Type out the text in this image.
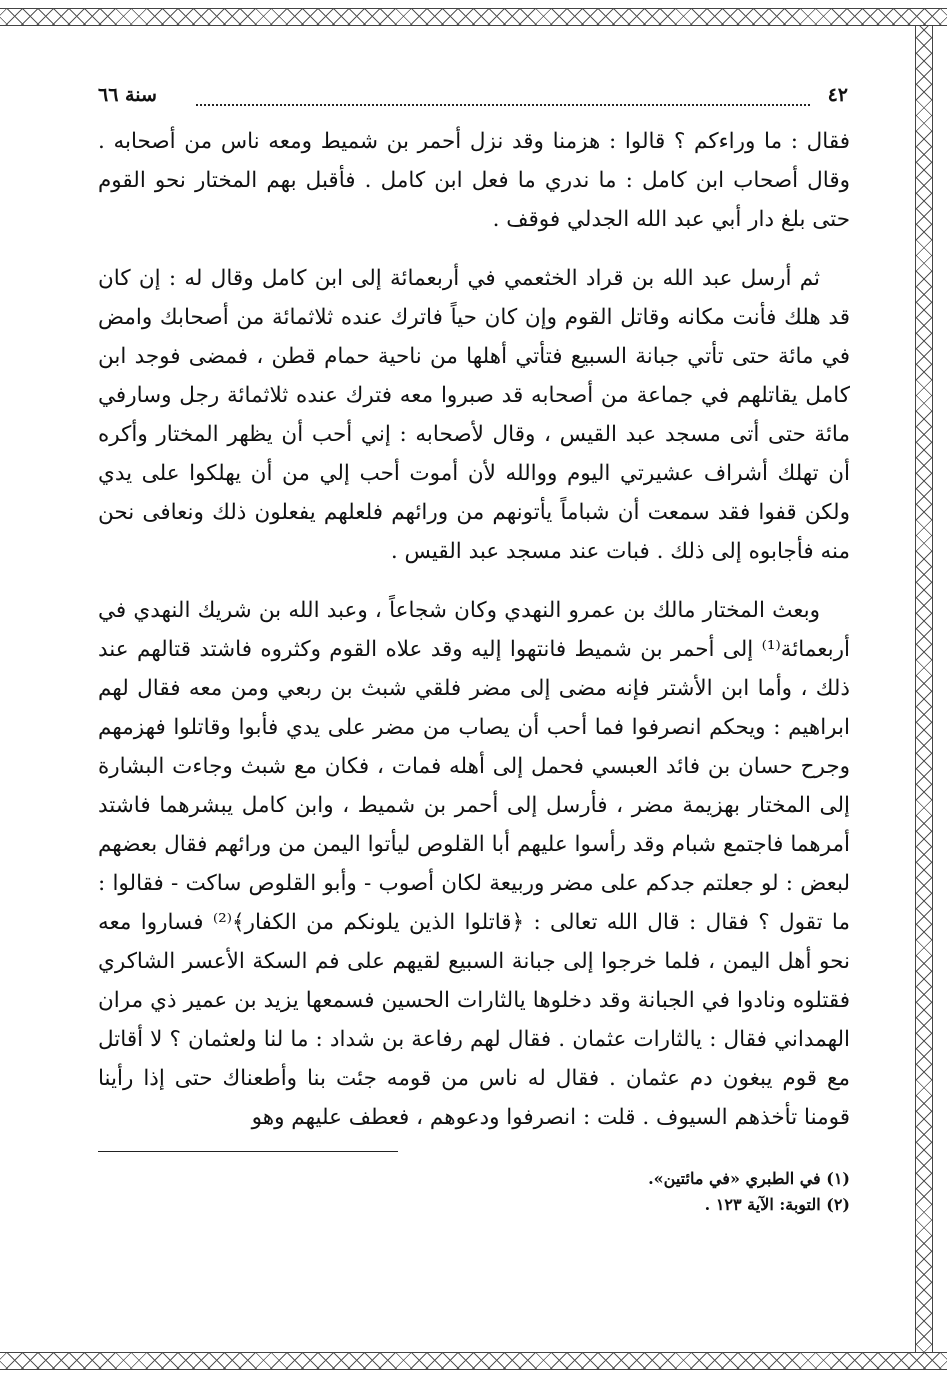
٤٢
سنة ٦٦

فقال : ما وراءكم ؟ قالوا : هزمنا وقد نزل أحمر بن شميط ومعه ناس من أصحابه . وقال أصحاب ابن كامل : ما ندري ما فعل ابن كامل . فأقبل بهم المختار نحو القوم حتى بلغ دار أبي عبد الله الجدلي فوقف .

ثم أرسل عبد الله بن قراد الخثعمي في أربعمائة إلى ابن كامل وقال له : إن كان قد هلك فأنت مكانه وقاتل القوم وإن كان حياً فاترك عنده ثلاثمائة من أصحابك وامض في مائة حتى تأتي جبانة السبيع فتأتي أهلها من ناحية حمام قطن ، فمضى فوجد ابن كامل يقاتلهم في جماعة من أصحابه قد صبروا معه فترك عنده ثلاثمائة رجل وسارفي مائة حتى أتى مسجد عبد القيس ، وقال لأصحابه : إني أحب أن يظهر المختار وأكره أن تهلك أشراف عشيرتي اليوم ووالله لأن أموت أحب إلي من أن يهلكوا على يدي ولكن قفوا فقد سمعت أن شباماً يأتونهم من ورائهم فلعلهم يفعلون ذلك ونعافى نحن منه فأجابوه إلى ذلك . فبات عند مسجد عبد القيس .

وبعث المختار مالك بن عمرو النهدي وكان شجاعاً ، وعبد الله بن شريك النهدي في أربعمائة⁽¹⁾ إلى أحمر بن شميط فانتهوا إليه وقد علاه القوم وكثروه فاشتد قتالهم عند ذلك ، وأما ابن الأشتر فإنه مضى إلى مضر فلقي شبث بن ربعي ومن معه فقال لهم ابراهيم : ويحكم انصرفوا فما أحب أن يصاب من مضر على يدي فأبوا وقاتلوا فهزمهم وجرح حسان بن فائد العبسي فحمل إلى أهله فمات ، فكان مع شبث وجاءت البشارة إلى المختار بهزيمة مضر ، فأرسل إلى أحمر بن شميط ، وابن كامل يبشرهما فاشتد أمرهما فاجتمع شبام وقد رأسوا عليهم أبا القلوص ليأتوا اليمن من ورائهم فقال بعضهم لبعض : لو جعلتم جدكم على مضر وربيعة لكان أصوب - وأبو القلوص ساكت - فقالوا : ما تقول ؟ فقال : قال الله تعالى : ﴿قاتلوا الذين يلونكم من الكفار﴾⁽²⁾ فساروا معه نحو أهل اليمن ، فلما خرجوا إلى جبانة السبيع لقيهم على فم السكة الأعسر الشاكري فقتلوه ونادوا في الجبانة وقد دخلوها يالثارات الحسين فسمعها يزيد بن عمير ذي مران الهمداني فقال : يالثارات عثمان . فقال لهم رفاعة بن شداد : ما لنا ولعثمان ؟ لا أقاتل مع قوم يبغون دم عثمان . فقال له ناس من قومه جئت بنا وأطعناك حتى إذا رأينا قومنا تأخذهم السيوف . قلت : انصرفوا ودعوهم ، فعطف عليهم وهو

(١) في الطبري «في مائتين».
(٢) التوبة: الآية ١٢٣ .
